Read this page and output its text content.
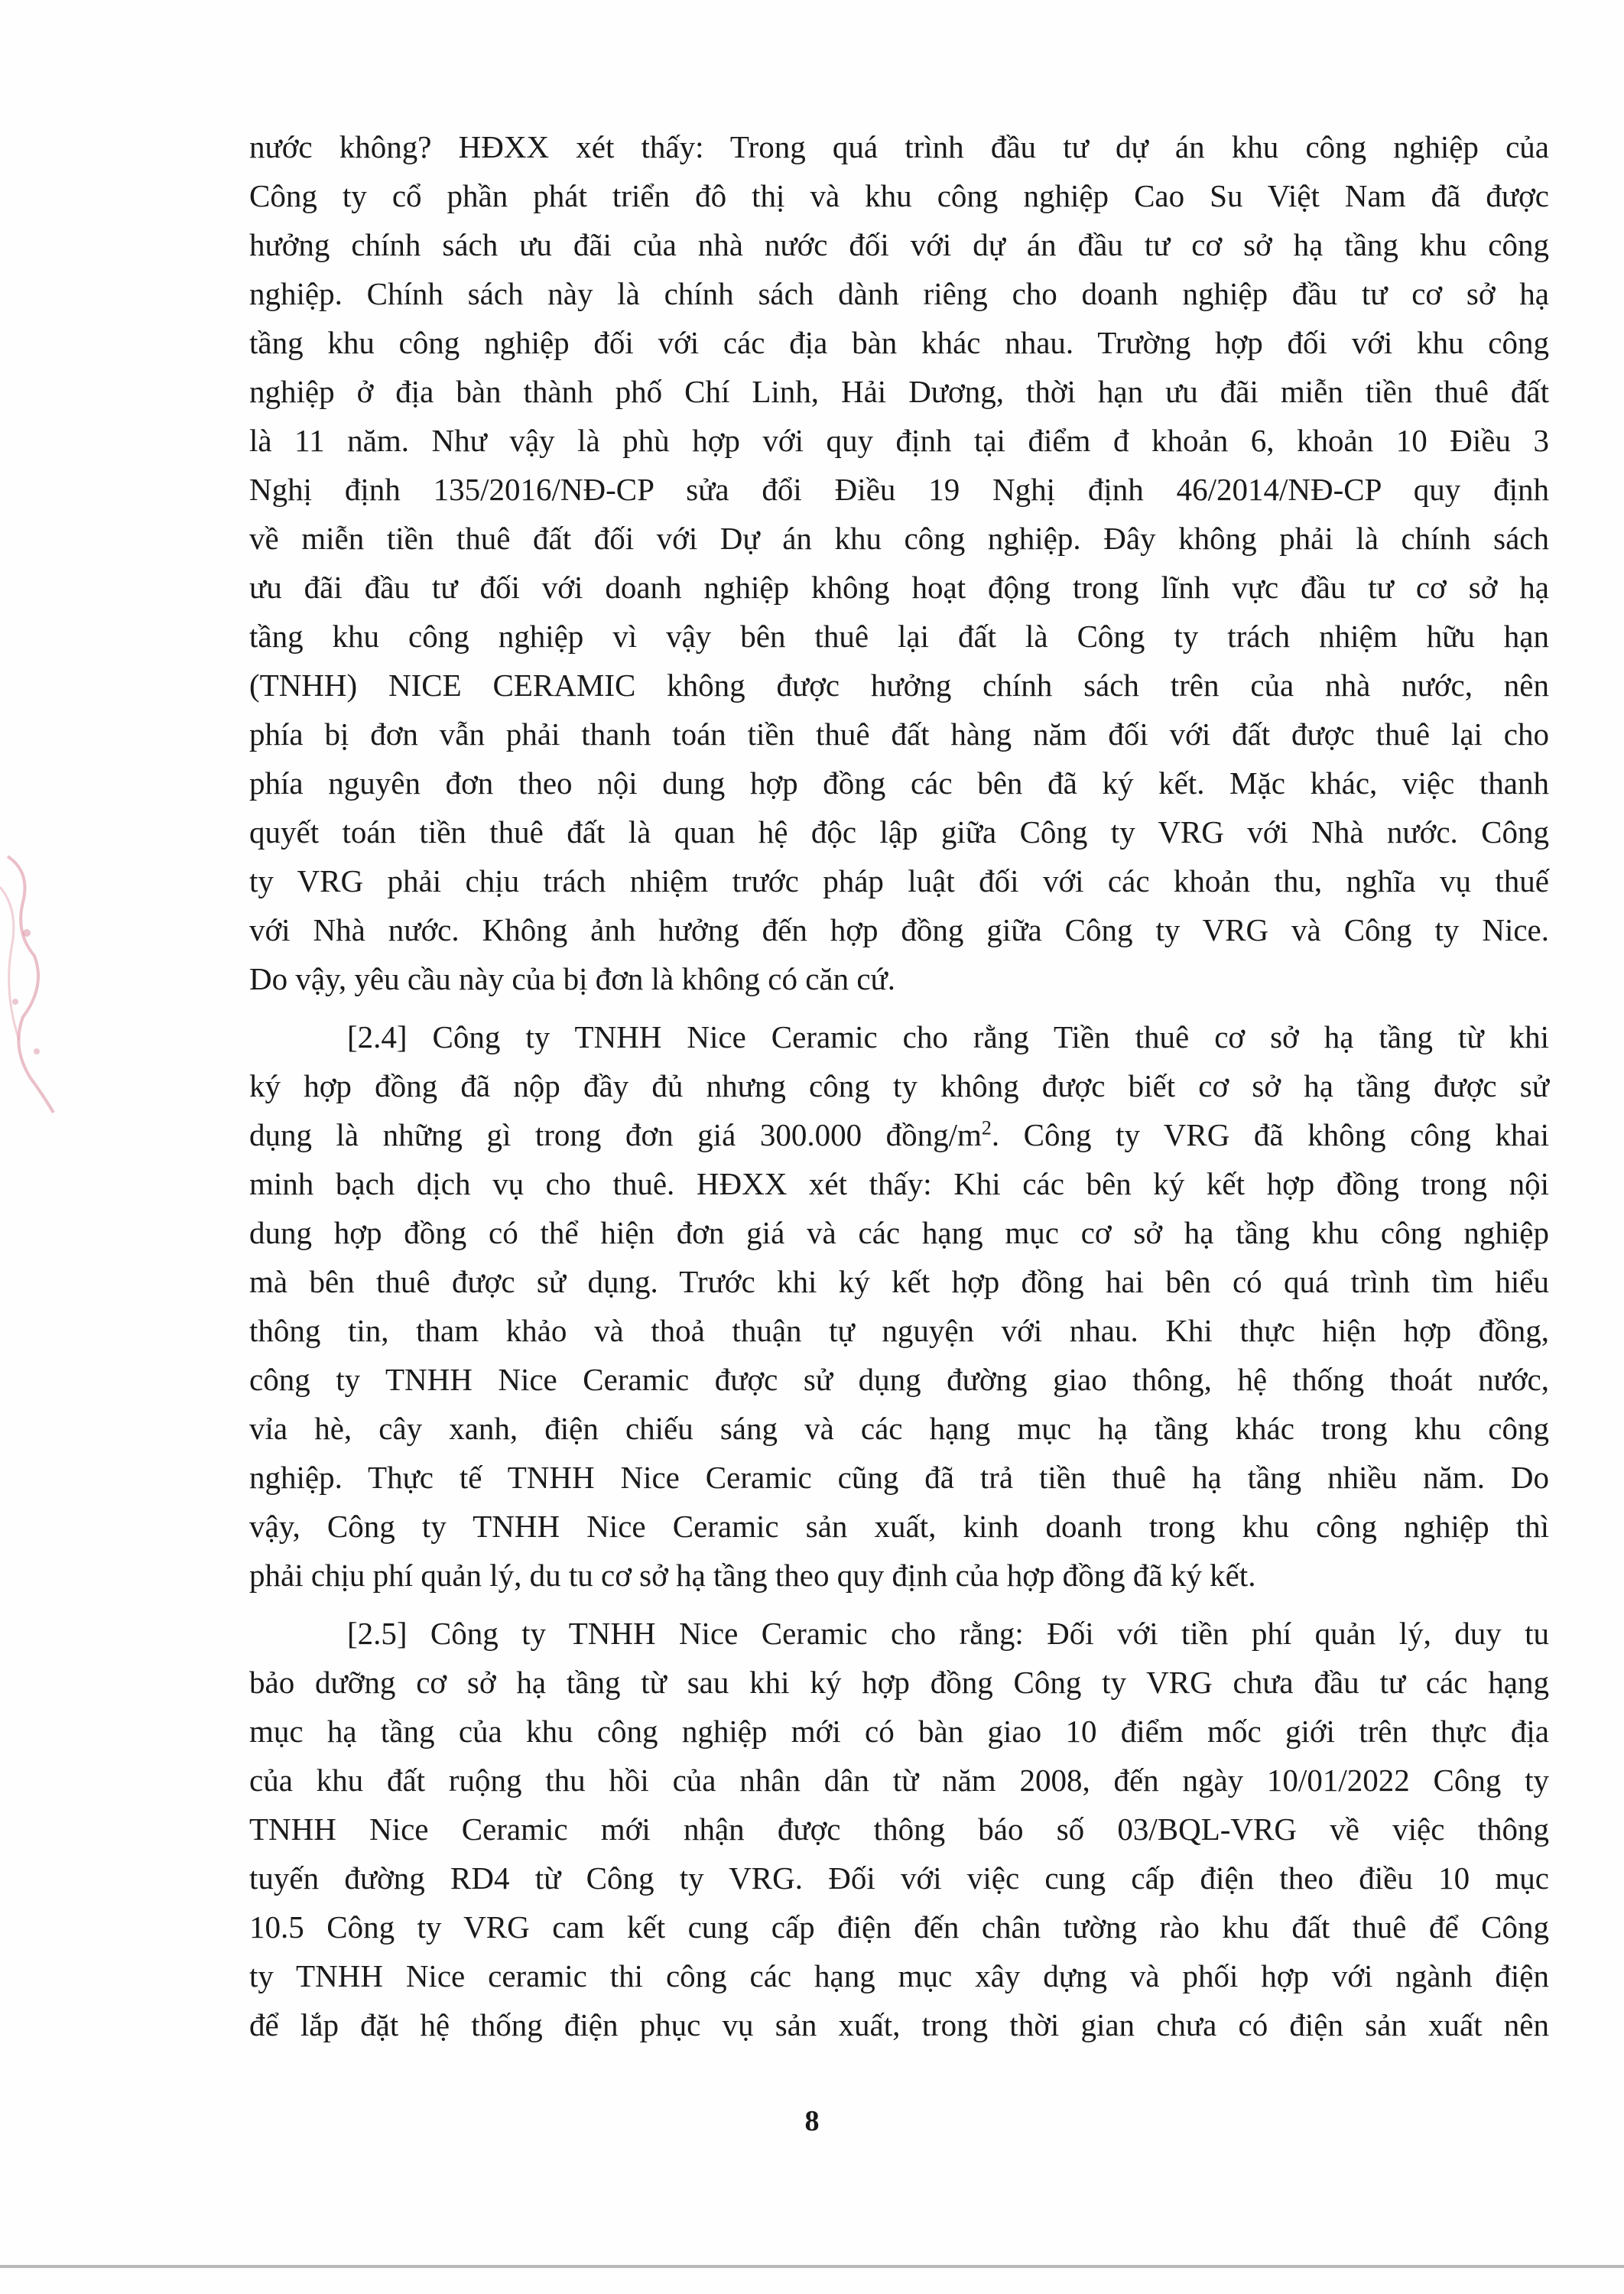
nước không? HĐXX xét thấy: Trong quá trình đầu tư dự án khu công nghiệp của
Công ty cổ phần phát triển đô thị và khu công nghiệp Cao Su Việt Nam đã được
hưởng chính sách ưu đãi của nhà nước đối với dự án đầu tư cơ sở hạ tầng khu công
nghiệp. Chính sách này là chính sách dành riêng cho doanh nghiệp đầu tư cơ sở hạ
tầng khu công nghiệp đối với các địa bàn khác nhau. Trường hợp đối với khu công
nghiệp ở địa bàn thành phố Chí Linh, Hải Dương, thời hạn ưu đãi miễn tiền thuê đất
là 11 năm. Như vậy là phù hợp với quy định tại điểm đ khoản 6, khoản 10 Điều 3
Nghị định 135/2016/NĐ-CP sửa đổi Điều 19 Nghị định 46/2014/NĐ-CP quy định
về miễn tiền thuê đất đối với Dự án khu công nghiệp. Đây không phải là chính sách
ưu đãi đầu tư đối với doanh nghiệp không hoạt động trong lĩnh vực đầu tư cơ sở hạ
tầng khu công nghiệp vì vậy bên thuê lại đất là Công ty trách nhiệm hữu hạn
(TNHH) NICE CERAMIC không được hưởng chính sách trên của nhà nước, nên
phía bị đơn vẫn phải thanh toán tiền thuê đất hàng năm đối với đất được thuê lại cho
phía nguyên đơn theo nội dung hợp đồng các bên đã ký kết. Mặc khác, việc thanh
quyết toán tiền thuê đất là quan hệ độc lập giữa Công ty VRG với Nhà nước. Công
ty VRG phải chịu trách nhiệm trước pháp luật đối với các khoản thu, nghĩa vụ thuế
với Nhà nước. Không ảnh hưởng đến hợp đồng giữa Công ty VRG và Công ty Nice.
Do vậy, yêu cầu này của bị đơn là không có căn cứ.
[2.4] Công ty TNHH Nice Ceramic cho rằng Tiền thuê cơ sở hạ tầng từ khi
ký hợp đồng đã nộp đầy đủ nhưng công ty không được biết cơ sở hạ tầng được sử
dụng là những gì trong đơn giá 300.000 đồng/$m^2$. Công ty VRG đã không công khai
minh bạch dịch vụ cho thuê. HĐXX xét thấy: Khi các bên ký kết hợp đồng trong nội
dung hợp đồng có thể hiện đơn giá và các hạng mục cơ sở hạ tầng khu công nghiệp
mà bên thuê được sử dụng. Trước khi ký kết hợp đồng hai bên có quá trình tìm hiểu
thông tin, tham khảo và thoả thuận tự nguyện với nhau. Khi thực hiện hợp đồng,
công ty TNHH Nice Ceramic được sử dụng đường giao thông, hệ thống thoát nước,
vỉa hè, cây xanh, điện chiếu sáng và các hạng mục hạ tầng khác trong khu công
nghiệp. Thực tế TNHH Nice Ceramic cũng đã trả tiền thuê hạ tầng nhiều năm. Do
vậy, Công ty TNHH Nice Ceramic sản xuất, kinh doanh trong khu công nghiệp thì
phải chịu phí quản lý, du tu cơ sở hạ tầng theo quy định của hợp đồng đã ký kết.
[2.5] Công ty TNHH Nice Ceramic cho rằng: Đối với tiền phí quản lý, duy tu
bảo dưỡng cơ sở hạ tầng từ sau khi ký hợp đồng Công ty VRG chưa đầu tư các hạng
mục hạ tầng của khu công nghiệp mới có bàn giao 10 điểm mốc giới trên thực địa
của khu đất ruộng thu hồi của nhân dân từ năm 2008, đến ngày 10/01/2022 Công ty
TNHH Nice Ceramic mới nhận được thông báo số 03/BQL-VRG về việc thông
tuyến đường RD4 từ Công ty VRG. Đối với việc cung cấp điện theo điều 10 mục
10.5 Công ty VRG cam kết cung cấp điện đến chân tường rào khu đất thuê để Công
ty TNHH Nice ceramic thi công các hạng mục xây dựng và phối hợp với ngành điện
để lắp đặt hệ thống điện phục vụ sản xuất, trong thời gian chưa có điện sản xuất nên
8
